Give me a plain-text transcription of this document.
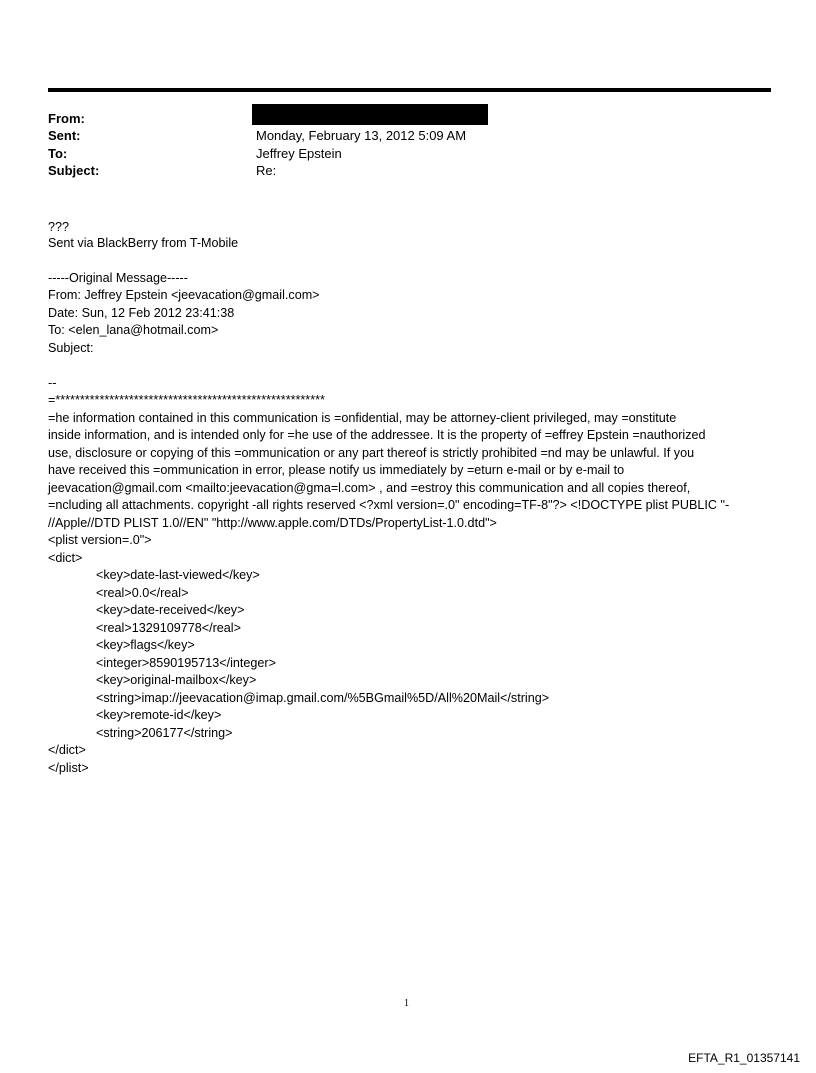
From:
Sent:	Monday, February 13, 2012 5:09 AM
To:	Jeffrey Epstein
Subject:	Re:
???
Sent via BlackBerry from T-Mobile
-----Original Message-----
From: Jeffrey Epstein <jeevacation@gmail.com>
Date: Sun, 12 Feb 2012 23:41:38
To: <elen_lana@hotmail.com>
Subject:
--
=*******************************************************
=he information contained in this communication is =onfidential, may be attorney-client privileged, may =onstitute
inside information, and is intended only for =he use of the addressee. It is the property of =effrey Epstein =nauthorized
use, disclosure or copying of this =ommunication or any part thereof is strictly prohibited =nd may be unlawful. If you
have received this =ommunication in error, please notify us immediately by =eturn e-mail or by e-mail to
jeevacation@gmail.com <mailto:jeevacation@gma=l.com> , and =estroy this communication and all copies thereof,
=ncluding all attachments. copyright -all rights reserved <?xml version=.0" encoding=TF-8"?> <!DOCTYPE plist PUBLIC "-
//Apple//DTD PLIST 1.0//EN" "http://www.apple.com/DTDs/PropertyList-1.0.dtd">
<plist version=.0">
<dict>
<key>date-last-viewed</key>
<real>0.0</real>
<key>date-received</key>
<real>1329109778</real>
<key>flags</key>
<integer>8590195713</integer>
<key>original-mailbox</key>
<string>imap://jeevacation@imap.gmail.com/%5BGmail%5D/All%20Mail</string>
<key>remote-id</key>
<string>206177</string>
</dict>
</plist>
1
EFTA_R1_01357141
